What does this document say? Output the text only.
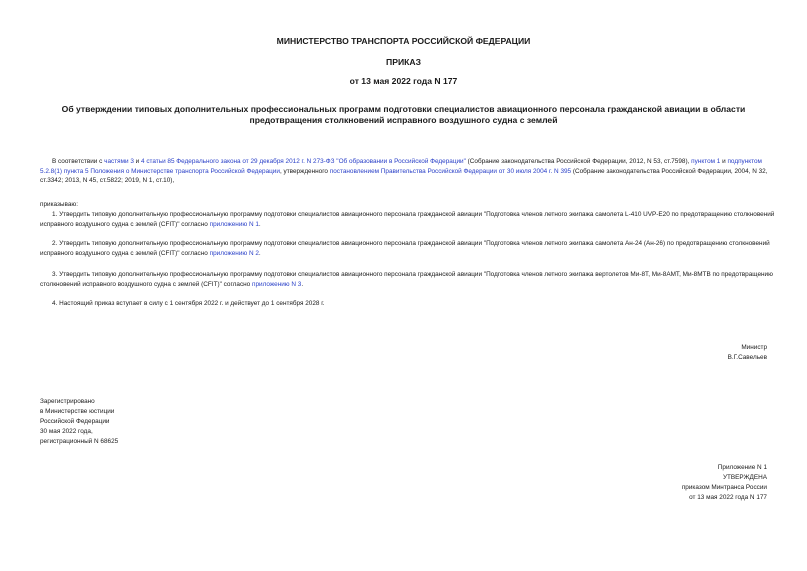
МИНИСТЕРСТВО ТРАНСПОРТА РОССИЙСКОЙ ФЕДЕРАЦИИ
ПРИКАЗ
от 13 мая 2022 года N 177
Об утверждении типовых дополнительных профессиональных программ подготовки специалистов авиационного персонала гражданской авиации в области предотвращения столкновений исправного воздушного судна с землей
В соответствии с частями 3 и 4 статьи 85 Федерального закона от 29 декабря 2012 г. N 273-ФЗ "Об образовании в Российской Федерации" (Собрание законодательства Российской Федерации, 2012, N 53, ст.7598), пунктом 1 и подпунктом 5.2.8(1) пункта 5 Положения о Министерстве транспорта Российской Федерации, утвержденного постановлением Правительства Российской Федерации от 30 июля 2004 г. N 395 (Собрание законодательства Российской Федерации, 2004, N 32, ст.3342; 2013, N 45, ст.5822; 2019, N 1, ст.10),
приказываю:
1. Утвердить типовую дополнительную профессиональную программу подготовки специалистов авиационного персонала гражданской авиации "Подготовка членов летного экипажа самолета L-410 UVP-E20 по предотвращению столкновений исправного воздушного судна с землей (CFIT)" согласно приложению N 1.
2. Утвердить типовую дополнительную профессиональную программу подготовки специалистов авиационного персонала гражданской авиации "Подготовка членов летного экипажа самолета Ан-24 (Ан-26) по предотвращению столкновений исправного воздушного судна с землей (CFIT)" согласно приложению N 2.
3. Утвердить типовую дополнительную профессиональную программу подготовки специалистов авиационного персонала гражданской авиации "Подготовка членов летного экипажа вертолетов Ми-8Т, Ми-8АМТ, Ми-8МТВ по предотвращению столкновений исправного воздушного судна с землей (CFIT)" согласно приложению N 3.
4. Настоящий приказ вступает в силу с 1 сентября 2022 г. и действует до 1 сентября 2028 г.
Министр
В.Г.Савельев
Зарегистрировано
в Министерстве юстиции
Российской Федерации
30 мая 2022 года,
регистрационный N 68625
Приложение N 1
УТВЕРЖДЕНА
приказом Минтранса России
от 13 мая 2022 года N 177
